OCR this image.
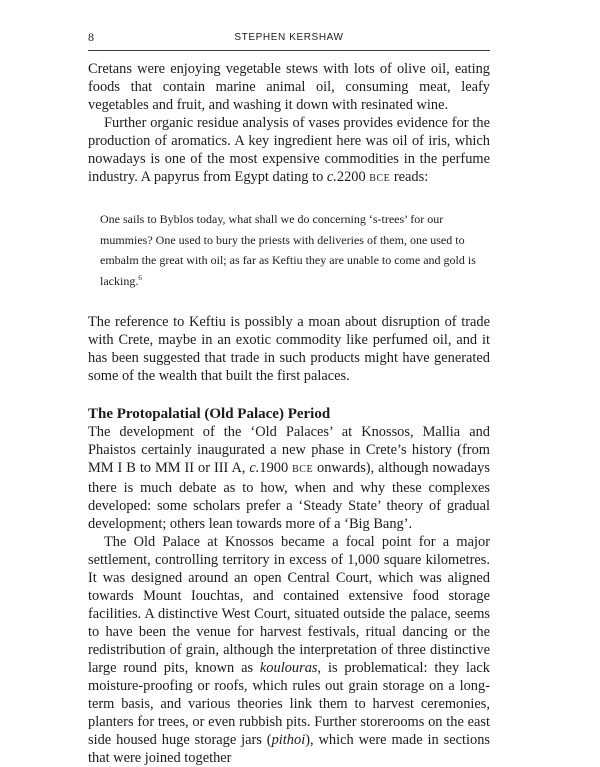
8	STEPHEN KERSHAW

Cretans were enjoying vegetable stews with lots of olive oil, eating foods that contain marine animal oil, consuming meat, leafy vegetables and fruit, and washing it down with resinated wine.

Further organic residue analysis of vases provides evidence for the production of aromatics. A key ingredient here was oil of iris, which nowadays is one of the most expensive commodities in the perfume industry. A papyrus from Egypt dating to c.2200 BCE reads:

One sails to Byblos today, what shall we do concerning ‘s-trees’ for our mummies? One used to bury the priests with deliveries of them, one used to embalm the great with oil; as far as Keftiu they are unable to come and gold is lacking.$^6$

The reference to Keftiu is possibly a moan about disruption of trade with Crete, maybe in an exotic commodity like perfumed oil, and it has been suggested that trade in such products might have generated some of the wealth that built the first palaces.

The Protopalatial (Old Palace) Period

The development of the ‘Old Palaces’ at Knossos, Mallia and Phaistos certainly inaugurated a new phase in Crete’s history (from MM I B to MM II or III A, c.1900 BCE onwards), although nowadays there is much debate as to how, when and why these complexes developed: some scholars prefer a ‘Steady State’ theory of gradual development; others lean towards more of a ‘Big Bang’.

The Old Palace at Knossos became a focal point for a major settlement, controlling territory in excess of 1,000 square kilometres. It was designed around an open Central Court, which was aligned towards Mount Iouchtas, and contained extensive food storage facilities. A distinctive West Court, situated outside the palace, seems to have been the venue for harvest festivals, ritual dancing or the redistribution of grain, although the interpretation of three distinctive large round pits, known as koulouras, is problematical: they lack moisture-proofing or roofs, which rules out grain storage on a long-term basis, and various theories link them to harvest ceremonies, planters for trees, or even rubbish pits. Further storerooms on the east side housed huge storage jars (pithoi), which were made in sections that were joined together
